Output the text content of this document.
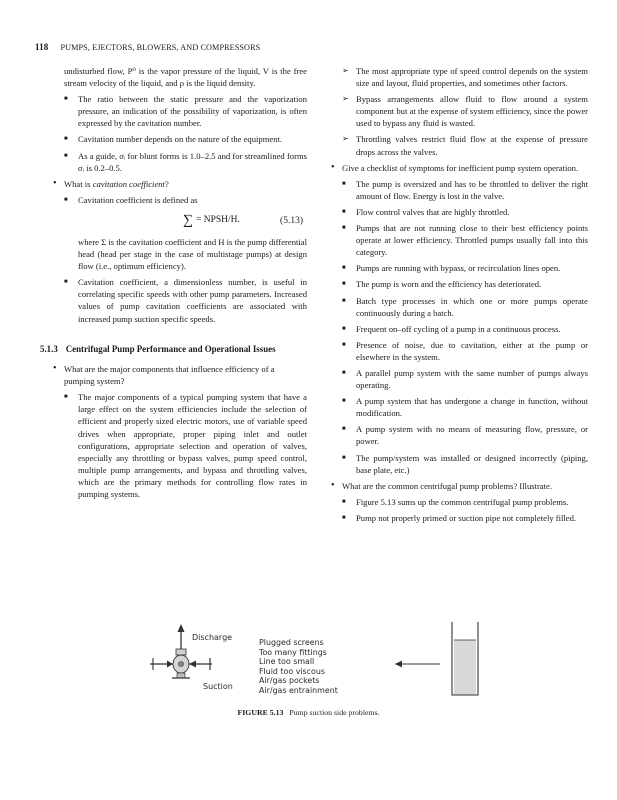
118 PUMPS, EJECTORS, BLOWERS, AND COMPRESSORS

undisturbed flow, P⁰ is the vapor pressure of the liquid, V is the free stream velocity of the liquid, and ρ is the liquid density.

■ The ratio between the static pressure and the vaporization pressure, an indication of the possibility of vaporization, is often expressed by the cavitation number.
■ Cavitation number depends on the nature of the equipment.
■ As a guide, σᵢ for blunt forms is 1.0–2.5 and for streamlined forms σᵢ is 0.2–0.5.
• What is cavitation coefficient?
■ Cavitation coefficient is defined as
∑ = NPSH/H.	(5.13)

where Σ is the cavitation coefficient and H is the pump differential head (head per stage in the case of multistage pumps) at design flow (i.e., optimum efficiency).

■ Cavitation coefficient, a dimensionless number, is useful in correlating specific speeds with other pump parameters. Increased values of pump cavitation coefficients are associated with increased pump suction specific speeds.
5.1.3 Centrifugal Pump Performance and Operational Issues
• What are the major components that influence efficiency of a pumping system?
■ The major components of a typical pumping system that have a large effect on the system efficiencies include the selection of efficient and properly sized electric motors, use of variable speed drives when appropriate, proper piping inlet and outlet configurations, appropriate selection and operation of valves, especially any throttling or bypass valves, pump speed control, multiple pump arrangements, and bypass and throttling valves, which are the primary methods for controlling flow rates in pumping systems.
➢ The most appropriate type of speed control depends on the system size and layout, fluid properties, and sometimes other factors.
➢ Bypass arrangements allow fluid to flow around a system component but at the expense of system efficiency, since the power used to bypass any fluid is wasted.
➢ Throttling valves restrict fluid flow at the expense of pressure drops across the valves.
• Give a checklist of symptoms for inefficient pump system operation.
■ The pump is oversized and has to be throttled to deliver the right amount of flow. Energy is lost in the valve.
■ Flow control valves that are highly throttled.
■ Pumps that are not running close to their best efficiency points operate at lower efficiency. Throttled pumps usually fall into this category.
■ Pumps are running with bypass, or recirculation lines open.
■ The pump is worn and the efficiency has deteriorated.
■ Batch type processes in which one or more pumps operate continuously during a batch.
■ Frequent on–off cycling of a pump in a continuous process.
■ Presence of noise, due to cavitation, either at the pump or elsewhere in the system.
■ A parallel pump system with the same number of pumps always operating.
■ A pump system that has undergone a change in function, without modification.
■ A pump system with no means of measuring flow, pressure, or power.
■ The pump/system was installed or designed incorrectly (piping, base plate, etc.)
• What are the common centrifugal pump problems? Illustrate.
■ Figure 5.13 sums up the common centrifugal pump problems.
■ Pump not properly primed or suction pipe not completely filled.
Discharge
Suction
Plugged screens
Too many fittings
Line too small
Fluid too viscous
Air/gas pockets
Air/gas entrainment
FIGURE 5.13 Pump suction side problems.
